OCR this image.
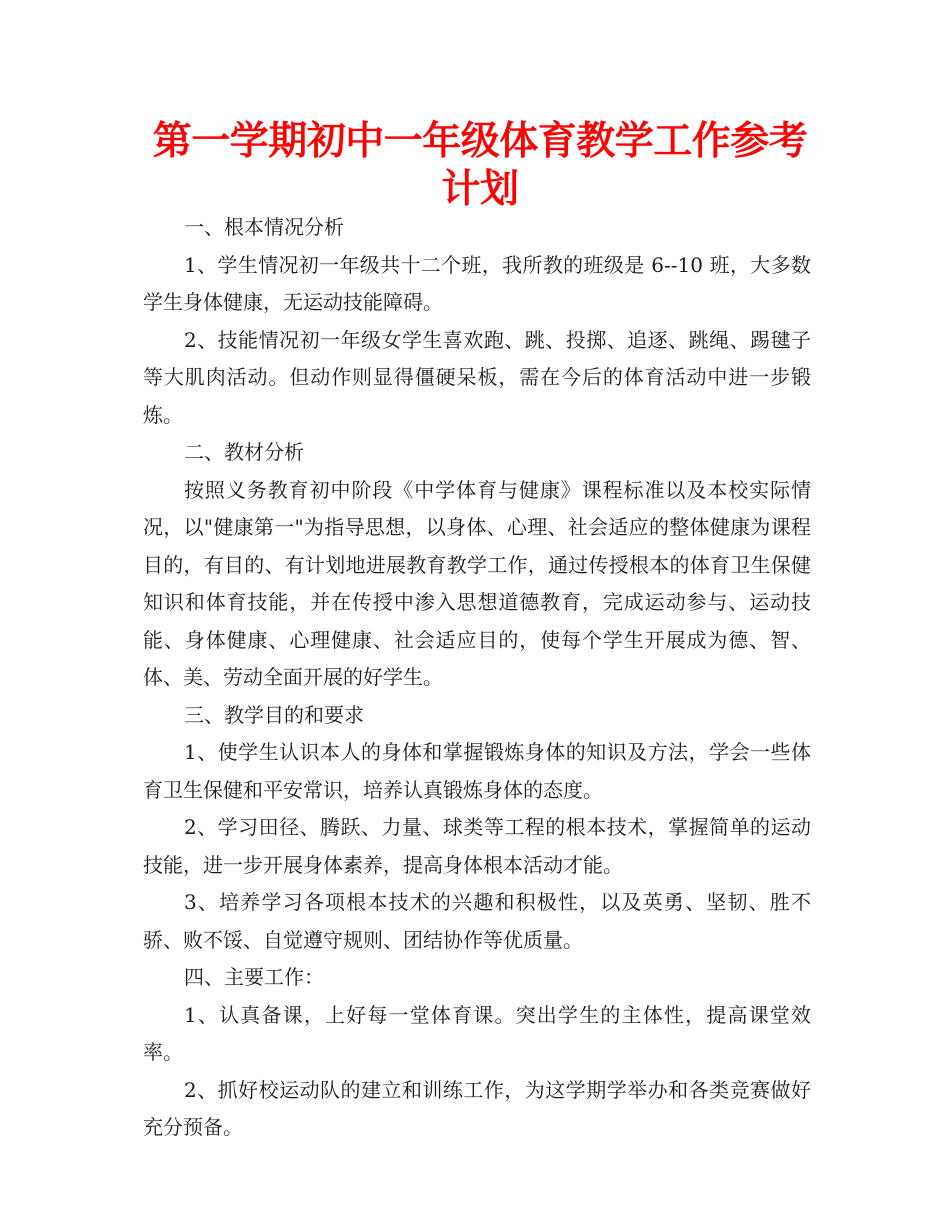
第一学期初中一年级体育教学工作参考计划

一、根本情况分析

1、学生情况初一年级共十二个班，我所教的班级是 6--10 班，大多数学生身体健康，无运动技能障碍。

2、技能情况初一年级女学生喜欢跑、跳、投掷、追逐、跳绳、踢毽子等大肌肉活动。但动作则显得僵硬呆板，需在今后的体育活动中进一步锻炼。

二、教材分析

按照义务教育初中阶段《中学体育与健康》课程标准以及本校实际情况，以"健康第一"为指导思想，以身体、心理、社会适应的整体健康为课程目的，有目的、有计划地进展教育教学工作，通过传授根本的体育卫生保健知识和体育技能，并在传授中渗入思想道德教育，完成运动参与、运动技能、身体健康、心理健康、社会适应目的，使每个学生开展成为德、智、体、美、劳动全面开展的好学生。

三、教学目的和要求

1、使学生认识本人的身体和掌握锻炼身体的知识及方法，学会一些体育卫生保健和平安常识，培养认真锻炼身体的态度。

2、学习田径、腾跃、力量、球类等工程的根本技术，掌握简单的运动技能，进一步开展身体素养，提高身体根本活动才能。

3、培养学习各项根本技术的兴趣和积极性，以及英勇、坚韧、胜不骄、败不馁、自觉遵守规则、团结协作等优质量。

四、主要工作：

1、认真备课，上好每一堂体育课。突出学生的主体性，提高课堂效率。

2、抓好校运动队的建立和训练工作，为这学期学举办和各类竞赛做好充分预备。
